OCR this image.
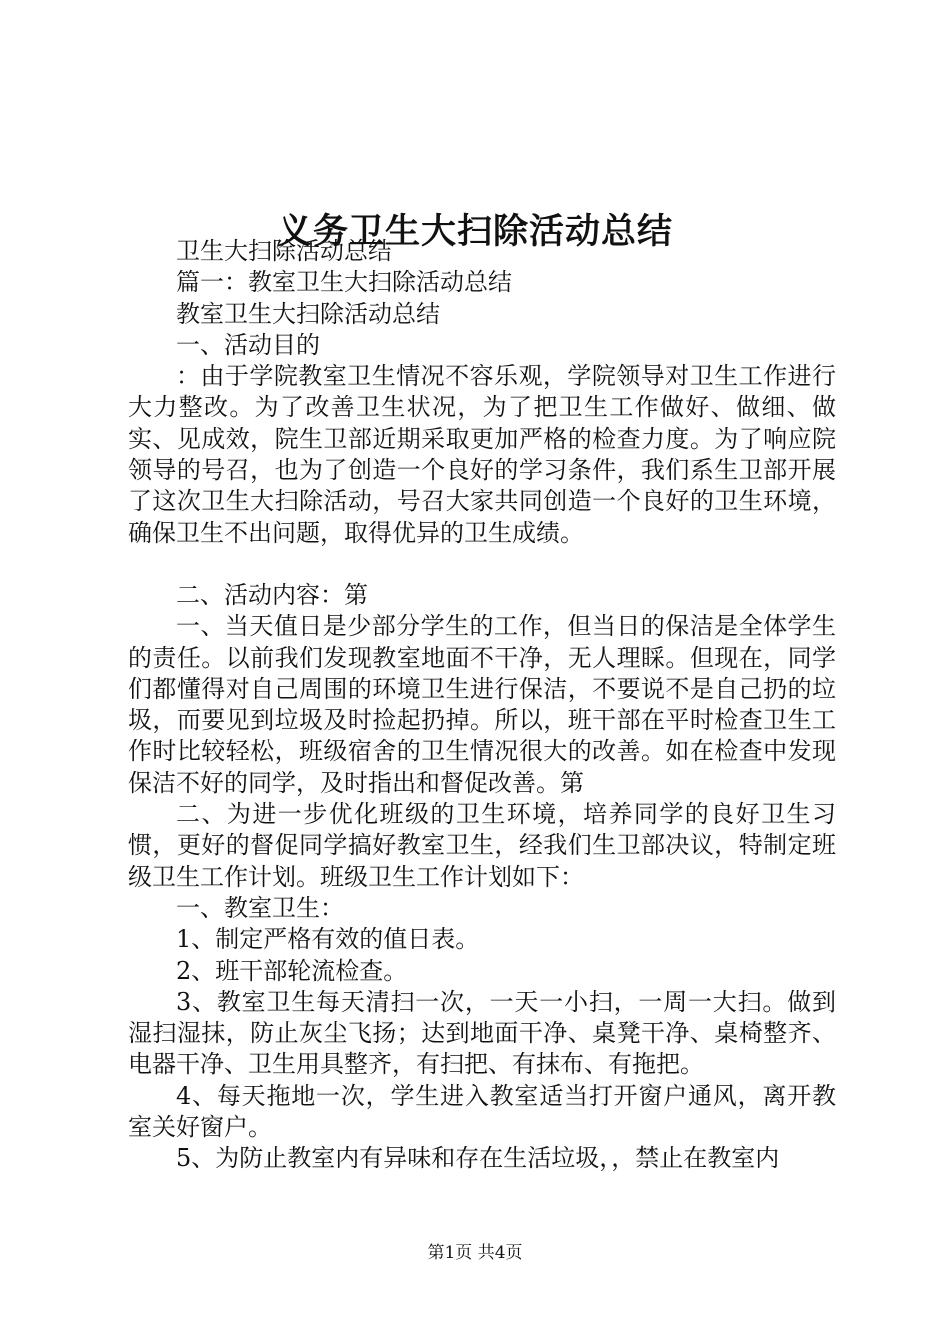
义务卫生大扫除活动总结

卫生大扫除活动总结

篇一：教室卫生大扫除活动总结

教室卫生大扫除活动总结

一、活动目的

：由于学院教室卫生情况不容乐观，学院领导对卫生工作进行大力整改。为了改善卫生状况，为了把卫生工作做好、做细、做实、见成效，院生卫部近期采取更加严格的检查力度。为了响应院领导的号召，也为了创造一个良好的学习条件，我们系生卫部开展了这次卫生大扫除活动，号召大家共同创造一个良好的卫生环境，确保卫生不出问题，取得优异的卫生成绩。

二、活动内容：第

一、当天值日是少部分学生的工作，但当日的保洁是全体学生的责任。以前我们发现教室地面不干净，无人理睬。但现在，同学们都懂得对自己周围的环境卫生进行保洁，不要说不是自己扔的垃圾，而要见到垃圾及时捡起扔掉。所以，班干部在平时检查卫生工作时比较轻松，班级宿舍的卫生情况很大的改善。如在检查中发现保洁不好的同学，及时指出和督促改善。第

二、为进一步优化班级的卫生环境，培养同学的良好卫生习惯，更好的督促同学搞好教室卫生，经我们生卫部决议，特制定班级卫生工作计划。班级卫生工作计划如下：

一、教室卫生：

1、制定严格有效的值日表。

2、班干部轮流检查。

3、教室卫生每天清扫一次，一天一小扫，一周一大扫。做到湿扫湿抹，防止灰尘飞扬；达到地面干净、桌凳干净、桌椅整齐、电器干净、卫生用具整齐，有扫把、有抹布、有拖把。

4、每天拖地一次，学生进入教室适当打开窗户通风，离开教室关好窗户。

5、为防止教室内有异味和存在生活垃圾，，禁止在教室内

第1页 共4页
